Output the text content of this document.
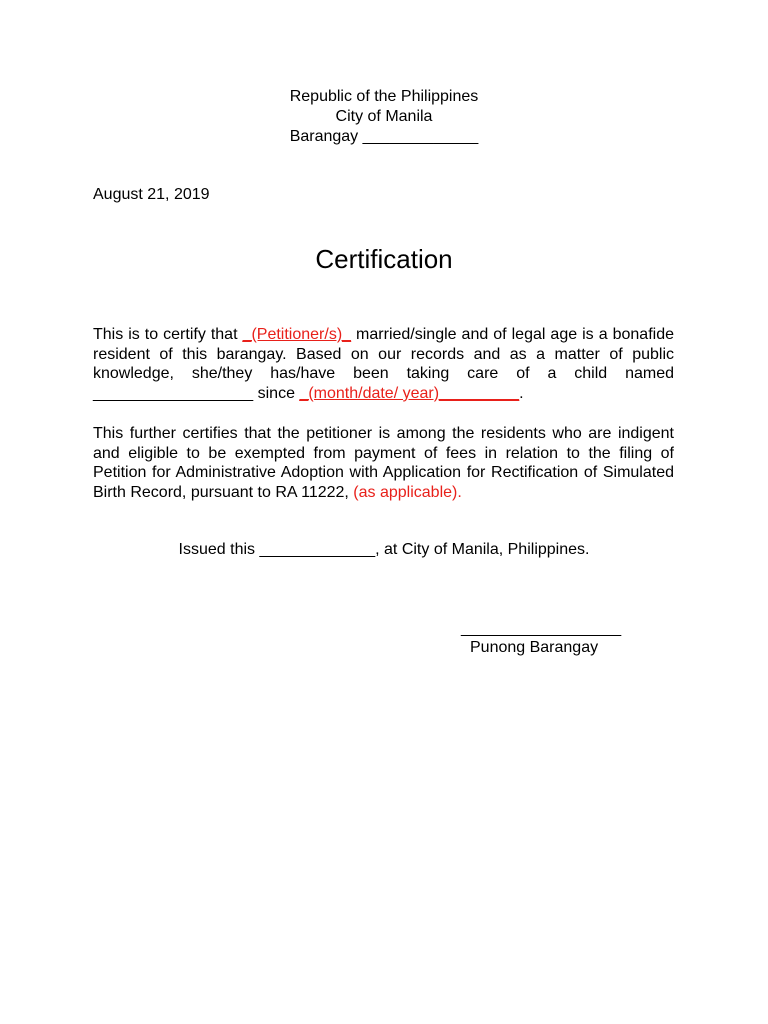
Republic of the Philippines
City of Manila
Barangay _____________
August 21, 2019
Certification
This is to certify that _(Petitioner/s)_ married/single and of legal age is a bonafide resident of this barangay. Based on our records and as a matter of public knowledge, she/they has/have been taking care of a child named __________________ since _(month/date/ year)_________.
This further certifies that the petitioner is among the residents who are indigent and eligible to be exempted from payment of fees in relation to the filing of Petition for Administrative Adoption with Application for Rectification of Simulated Birth Record, pursuant to RA 11222, (as applicable).
Issued this _____________, at City of Manila, Philippines.
__________________
Punong Barangay
